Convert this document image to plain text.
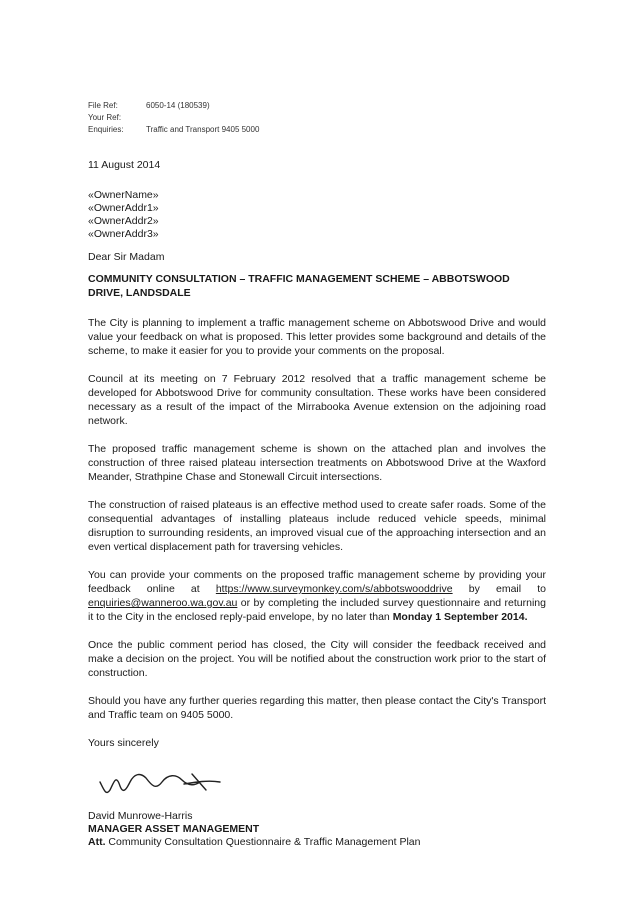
File Ref:	6050-14 (180539)
Your Ref:
Enquiries:	Traffic and Transport 9405 5000
11 August 2014
«OwnerName»
«OwnerAddr1»
«OwnerAddr2»
«OwnerAddr3»
Dear Sir Madam
COMMUNITY CONSULTATION – TRAFFIC MANAGEMENT SCHEME – ABBOTSWOOD DRIVE, LANDSDALE

The City is planning to implement a traffic management scheme on Abbotswood Drive and would value your feedback on what is proposed. This letter provides some background and details of the scheme, to make it easier for you to provide your comments on the proposal.

Council at its meeting on 7 February 2012 resolved that a traffic management scheme be developed for Abbotswood Drive for community consultation. These works have been considered necessary as a result of the impact of the Mirrabooka Avenue extension on the adjoining road network.

The proposed traffic management scheme is shown on the attached plan and involves the construction of three raised plateau intersection treatments on Abbotswood Drive at the Waxford Meander, Strathpine Chase and Stonewall Circuit intersections.

The construction of raised plateaus is an effective method used to create safer roads. Some of the consequential advantages of installing plateaus include reduced vehicle speeds, minimal disruption to surrounding residents, an improved visual cue of the approaching intersection and an even vertical displacement path for traversing vehicles.

You can provide your comments on the proposed traffic management scheme by providing your feedback online at https://www.surveymonkey.com/s/abbotswooddrive by email to enquiries@wanneroo.wa.gov.au or by completing the included survey questionnaire and returning it to the City in the enclosed reply-paid envelope, by no later than Monday 1 September 2014.

Once the public comment period has closed, the City will consider the feedback received and make a decision on the project. You will be notified about the construction work prior to the start of construction.

Should you have any further queries regarding this matter, then please contact the City's Transport and Traffic team on 9405 5000.

Yours sincerely
David Munrowe-Harris
MANAGER ASSET MANAGEMENT
Att. Community Consultation Questionnaire & Traffic Management Plan
